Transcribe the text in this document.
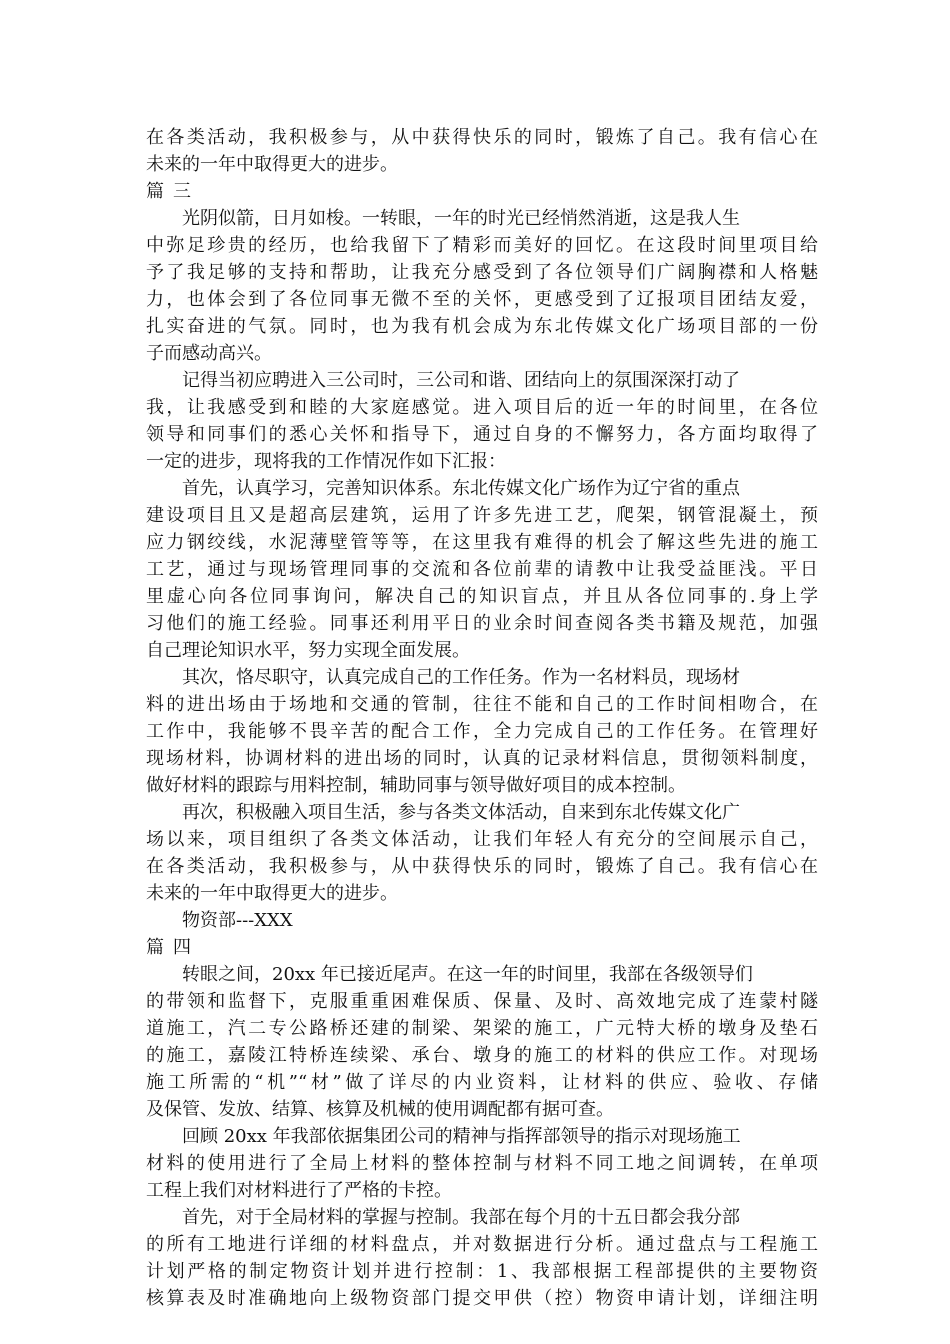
在各类活动，我积极参与，从中获得快乐的同时，锻炼了自己。我有信心在
未来的一年中取得更大的进步。
篇三
光阴似箭，日月如梭。一转眼，一年的时光已经悄然消逝，这是我人生
中弥足珍贵的经历，也给我留下了精彩而美好的回忆。在这段时间里项目给
予了我足够的支持和帮助，让我充分感受到了各位领导们广阔胸襟和人格魅
力，也体会到了各位同事无微不至的关怀，更感受到了辽报项目团结友爱，
扎实奋进的气氛。同时，也为我有机会成为东北传媒文化广场项目部的一份
子而感动高兴。
记得当初应聘进入三公司时，三公司和谐、团结向上的氛围深深打动了
我，让我感受到和睦的大家庭感觉。进入项目后的近一年的时间里，在各位
领导和同事们的悉心关怀和指导下，通过自身的不懈努力，各方面均取得了
一定的进步，现将我的工作情况作如下汇报：
首先，认真学习，完善知识体系。东北传媒文化广场作为辽宁省的重点
建设项目且又是超高层建筑，运用了许多先进工艺，爬架，钢管混凝土，预
应力钢绞线，水泥薄壁管等等，在这里我有难得的机会了解这些先进的施工
工艺，通过与现场管理同事的交流和各位前辈的请教中让我受益匪浅。平日
里虚心向各位同事询问，解决自己的知识盲点，并且从各位同事的.身上学
习他们的施工经验。同事还利用平日的业余时间查阅各类书籍及规范，加强
自己理论知识水平，努力实现全面发展。
其次，恪尽职守，认真完成自己的工作任务。作为一名材料员，现场材
料的进出场由于场地和交通的管制，往往不能和自己的工作时间相吻合，在
工作中，我能够不畏辛苦的配合工作，全力完成自己的工作任务。在管理好
现场材料，协调材料的进出场的同时，认真的记录材料信息，贯彻领料制度，
做好材料的跟踪与用料控制，辅助同事与领导做好项目的成本控制。
再次，积极融入项目生活，参与各类文体活动，自来到东北传媒文化广
场以来，项目组织了各类文体活动，让我们年轻人有充分的空间展示自己，
在各类活动，我积极参与，从中获得快乐的同时，锻炼了自己。我有信心在
未来的一年中取得更大的进步。
物资部---XXX
篇四
转眼之间，20xx 年已接近尾声。在这一年的时间里，我部在各级领导们
的带领和监督下，克服重重困难保质、保量、及时、高效地完成了连蒙村隧
道施工，汽二专公路桥还建的制梁、架梁的施工，广元特大桥的墩身及垫石
的施工，嘉陵江特桥连续梁、承台、墩身的施工的材料的供应工作。对现场
施工所需的“机”“材”做了详尽的内业资料，让材料的供应、验收、存储
及保管、发放、结算、核算及机械的使用调配都有据可查。
回顾 20xx 年我部依据集团公司的精神与指挥部领导的指示对现场施工
材料的使用进行了全局上材料的整体控制与材料不同工地之间调转，在单项
工程上我们对材料进行了严格的卡控。
首先，对于全局材料的掌握与控制。我部在每个月的十五日都会我分部
的所有工地进行详细的材料盘点，并对数据进行分析。通过盘点与工程施工
计划严格的制定物资计划并进行控制：1、我部根据工程部提供的主要物资
核算表及时准确地向上级物资部门提交甲供（控）物资申请计划，详细注明
